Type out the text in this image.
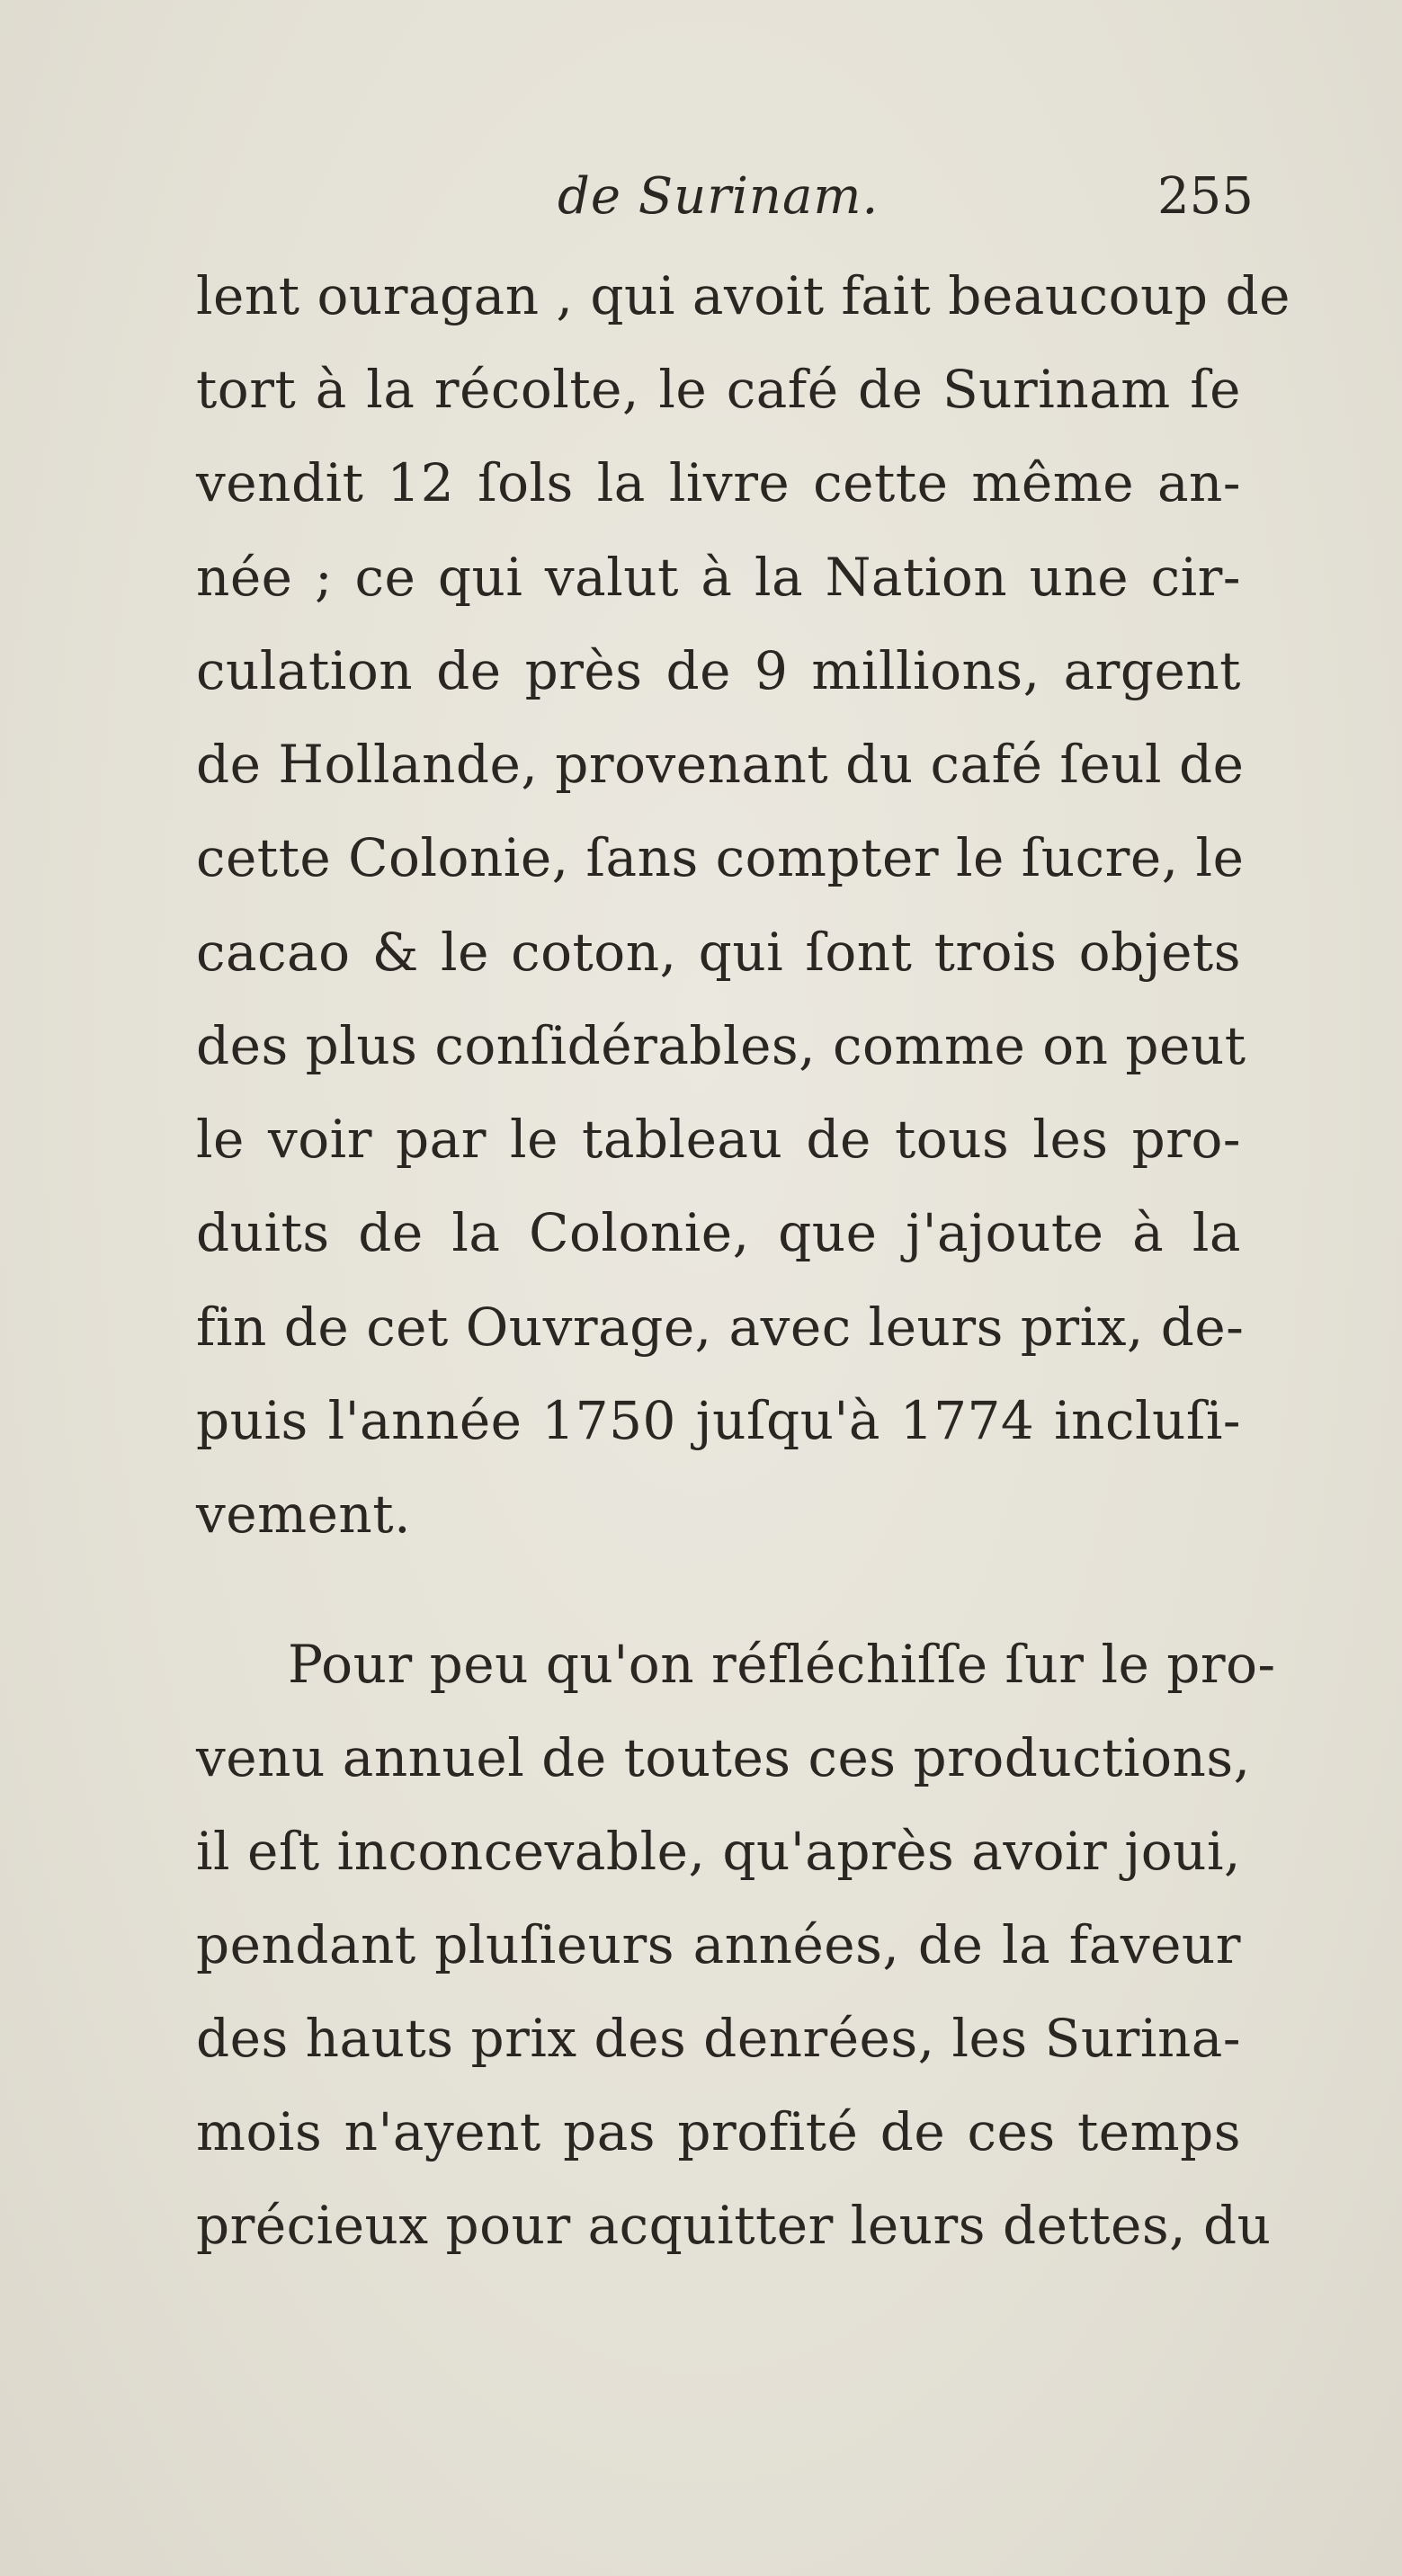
de Surinam.	255
lent ouragan , qui avoit fait beaucoup de
tort à la récolte, le café de Surinam ſe
vendit 12 ſols la livre cette même an-
née ; ce qui valut à la Nation une cir-
culation de près de 9 millions, argent
de Hollande, provenant du café ſeul de
cette Colonie, ſans compter le ſucre, le
cacao & le coton, qui ſont trois objets
des plus conſidérables, comme on peut
le voir par le tableau de tous les pro-
duits de la Colonie, que j'ajoute à la
fin de cet Ouvrage, avec leurs prix, de-
puis l'année 1750 juſqu'à 1774 incluſi-
vement.
Pour peu qu'on réfléchiſſe ſur le pro-
venu annuel de toutes ces productions,
il eſt inconcevable, qu'après avoir joui,
pendant pluſieurs années, de la faveur
des hauts prix des denrées, les Surina-
mois n'ayent pas profité de ces temps
précieux pour acquitter leurs dettes, du
